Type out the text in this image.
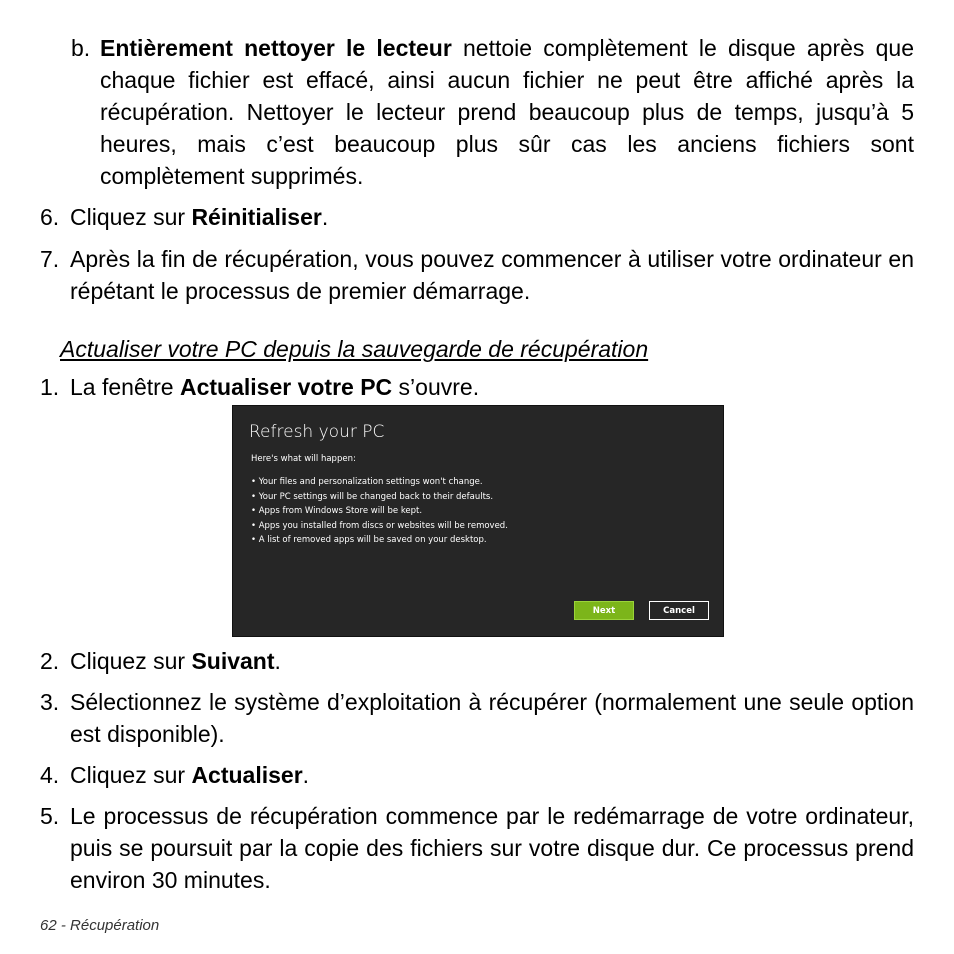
b. Entièrement nettoyer le lecteur nettoie complètement le disque après que chaque fichier est effacé, ainsi aucun fichier ne peut être affiché après la récupération. Nettoyer le lecteur prend beaucoup plus de temps, jusqu’à 5 heures, mais c’est beaucoup plus sûr cas les anciens fichiers sont complètement supprimés.

6. Cliquez sur Réinitialiser.

7. Après la fin de récupération, vous pouvez commencer à utiliser votre ordinateur en répétant le processus de premier démarrage.

Actualiser votre PC depuis la sauvegarde de récupération
1. La fenêtre Actualiser votre PC s’ouvre.

Refresh your PC
Here's what will happen:
• Your files and personalization settings won't change.
• Your PC settings will be changed back to their defaults.
• Apps from Windows Store will be kept.
• Apps you installed from discs or websites will be removed.
• A list of removed apps will be saved on your desktop.
Next	Cancel
2. Cliquez sur Suivant.

3. Sélectionnez le système d’exploitation à récupérer (normalement une seule option est disponible).

4. Cliquez sur Actualiser.

5. Le processus de récupération commence par le redémarrage de votre ordinateur, puis se poursuit par la copie des fichiers sur votre disque dur. Ce processus prend environ 30 minutes.

62 - Récupération
